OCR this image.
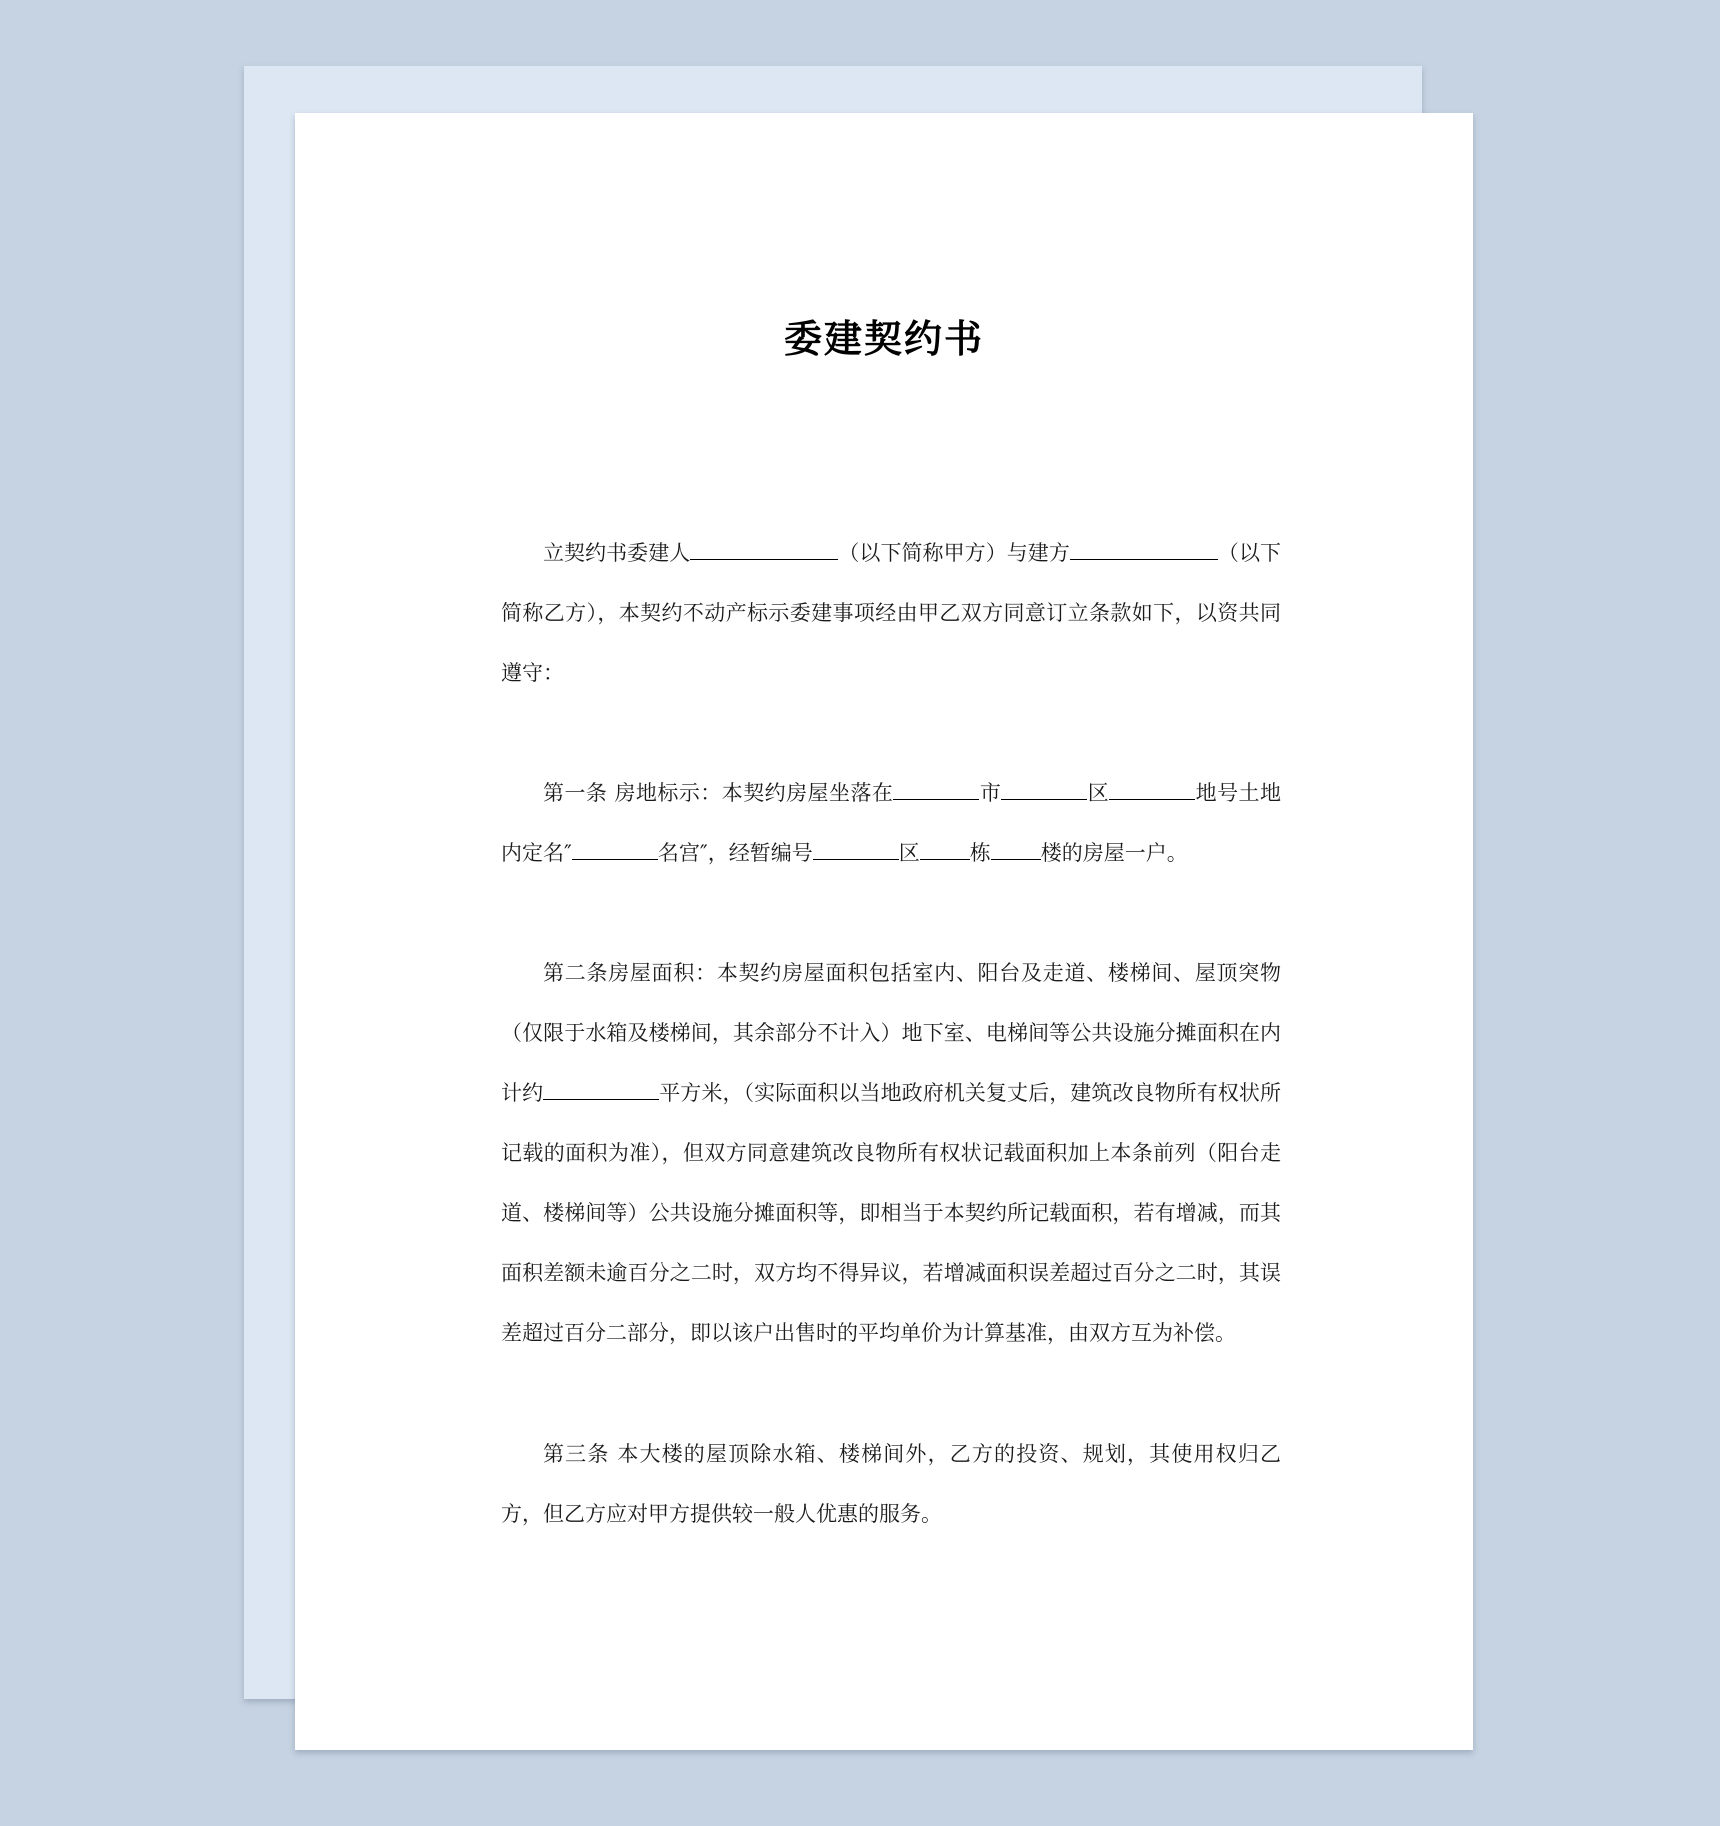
委建契约书

立契约书委建人	（以下简称甲方）与建方	（以下简称乙方），本契约不动产标示委建事项经由甲乙双方同意订立条款如下，以资共同遵守：

第一条 房地标示：本契约房屋坐落在	市	区	地号土地内定名″	名宫″，经暂编号	区 栋 楼的房屋一户。

第二条房屋面积：本契约房屋面积包括室内、阳台及走道、楼梯间、屋顶突物（仅限于水箱及楼梯间，其余部分不计入）地下室、电梯间等公共设施分摊面积在内计约	平方米，（实际面积以当地政府机关复丈后，建筑改良物所有权状所记载的面积为准），但双方同意建筑改良物所有权状记载面积加上本条前列（阳台走道、楼梯间等）公共设施分摊面积等，即相当于本契约所记载面积，若有增减，而其面积差额未逾百分之二时，双方均不得异议，若增减面积误差超过百分之二时，其误差超过百分二部分，即以该户出售时的平均单价为计算基准，由双方互为补偿。

第三条 本大楼的屋顶除水箱、楼梯间外，乙方的投资、规划，其使用权归乙方，但乙方应对甲方提供较一般人优惠的服务。
